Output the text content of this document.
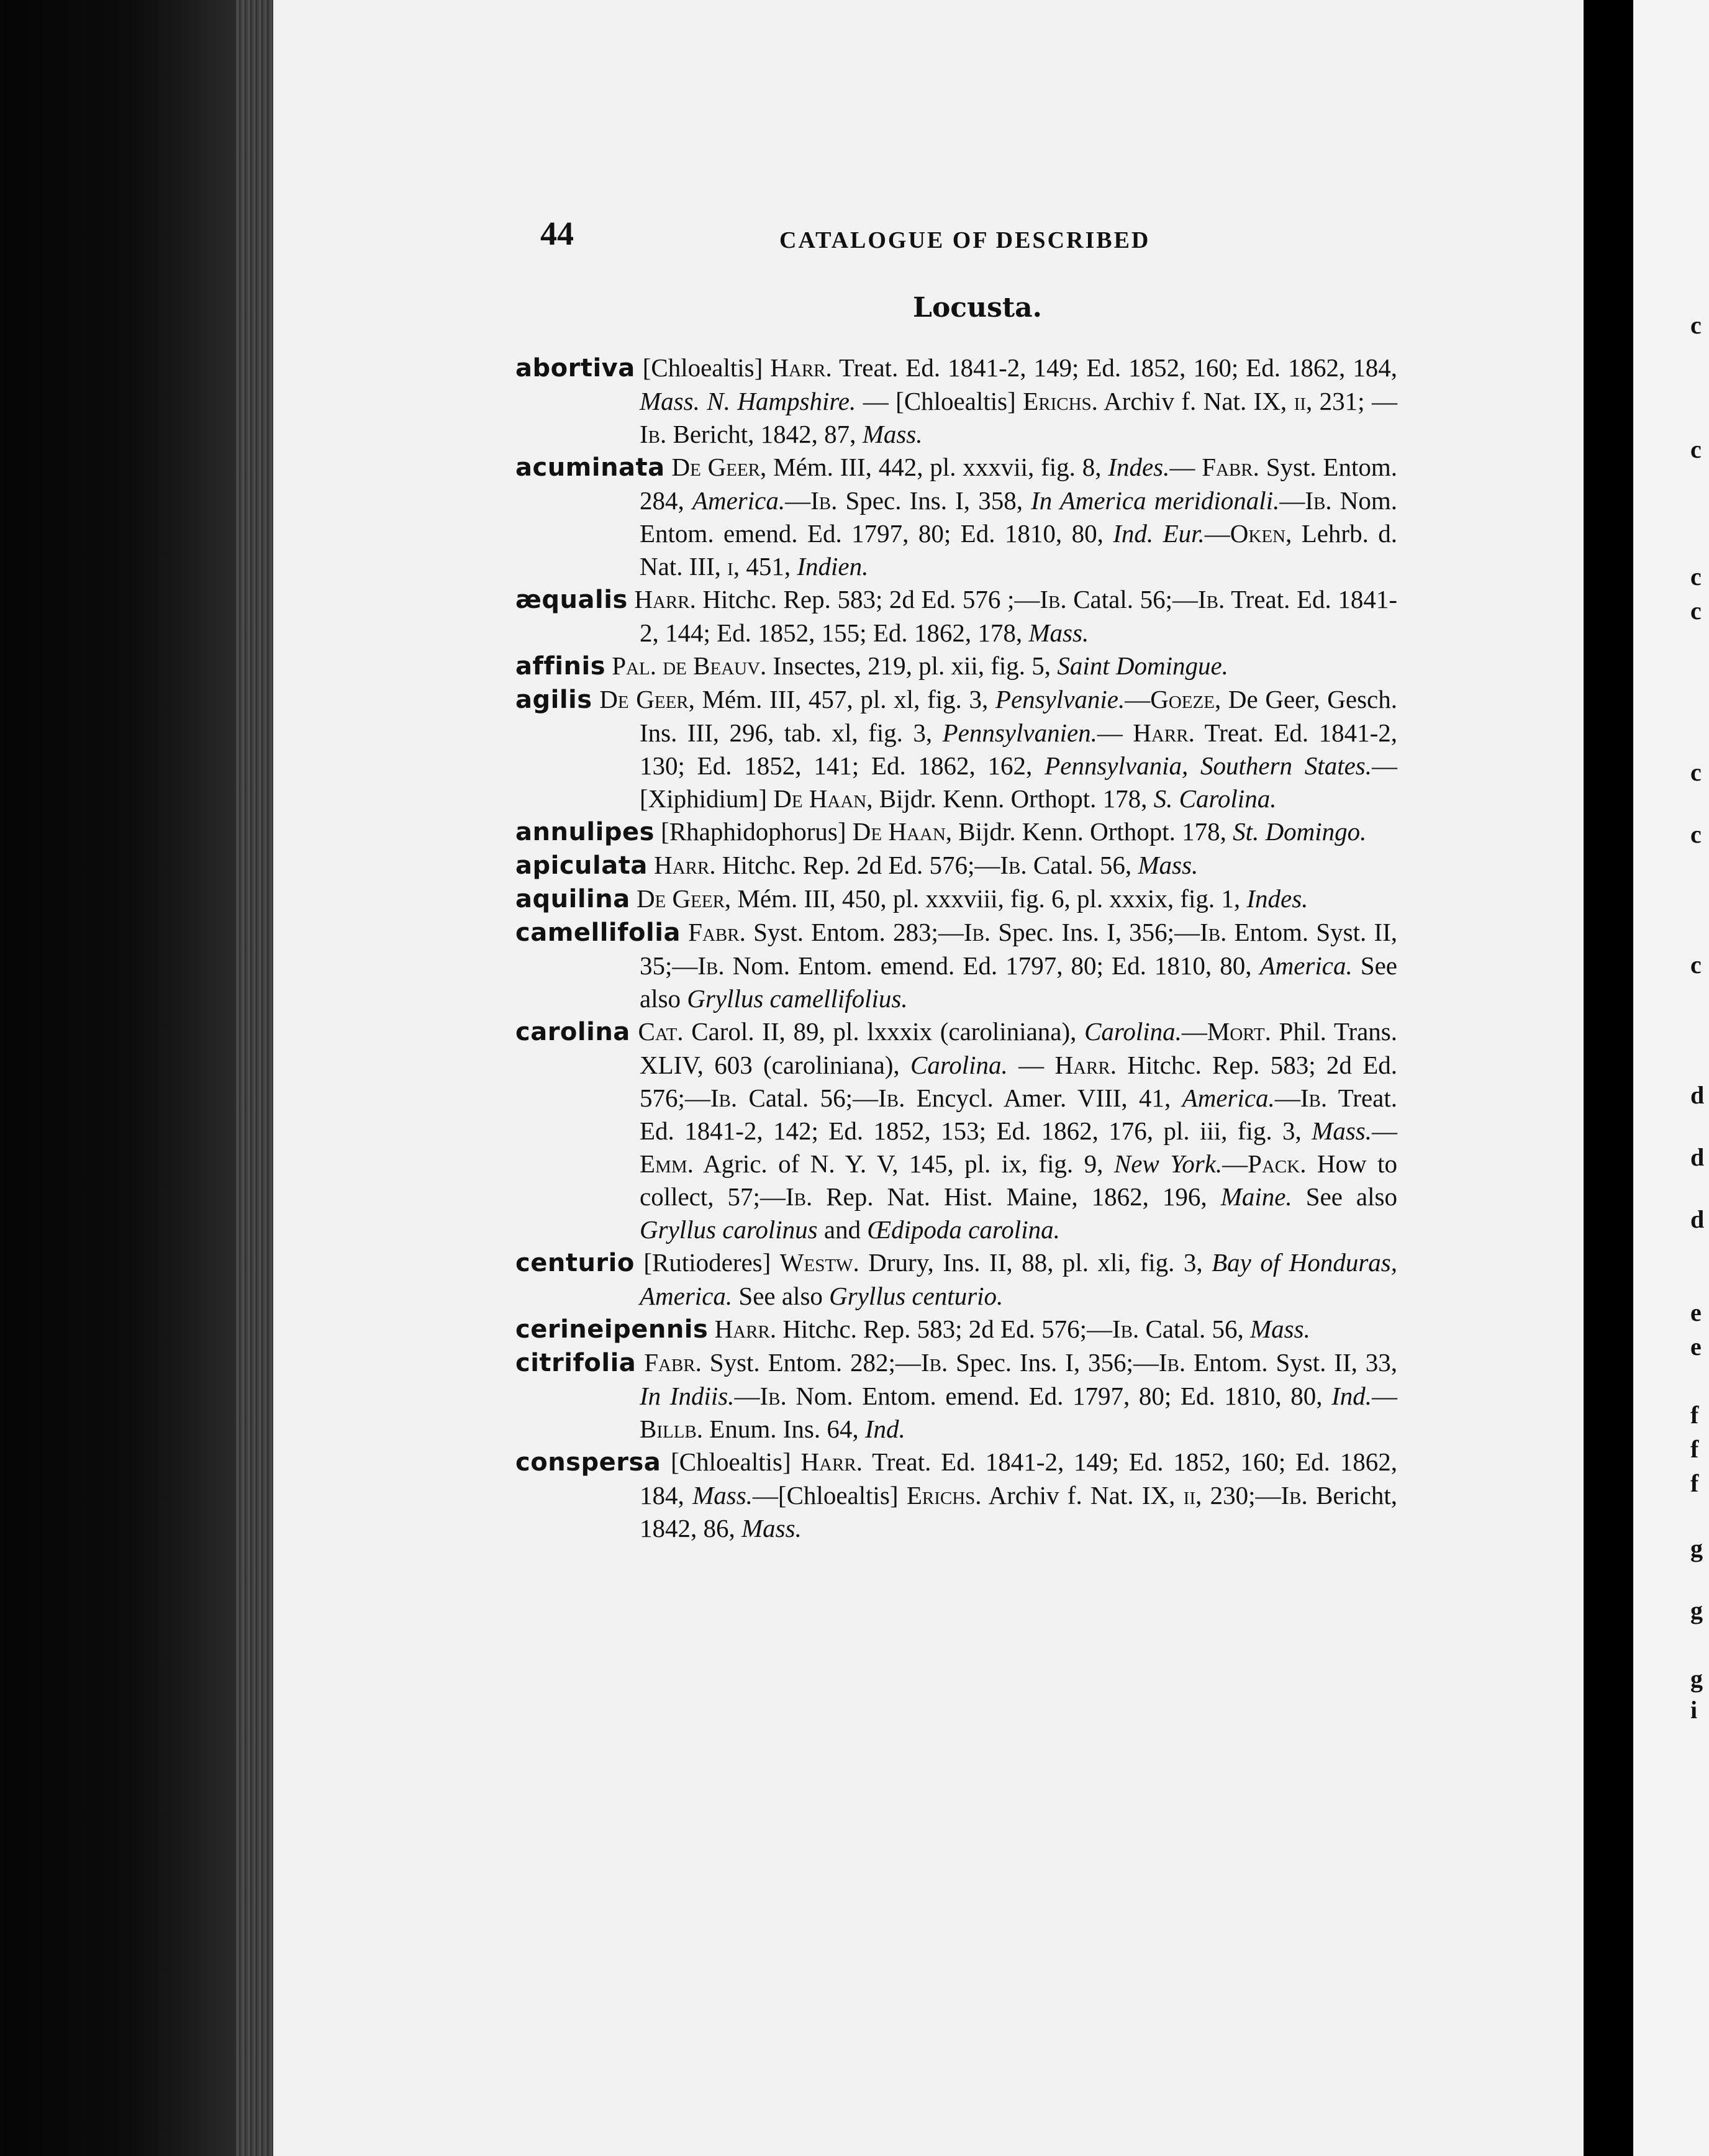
c
c
c
c
c
c
c
d
d
d
e
e
f
f
f
g
g
g
i
44	CATALOGUE OF DESCRIBED
Locusta.
abortiva [Chloealtis] Harr. Treat. Ed. 1841-2, 149; Ed. 1852, 160; Ed. 1862, 184, Mass. N. Hampshire. — [Chloealtis] Erichs. Archiv f. Nat. IX, ii, 231; — Ib. Bericht, 1842, 87, Mass.
acuminata De Geer, Mém. III, 442, pl. xxxvii, fig. 8, Indes.— Fabr. Syst. Entom. 284, America.—Ib. Spec. Ins. I, 358, In America meridionali.—Ib. Nom. Entom. emend. Ed. 1797, 80; Ed. 1810, 80, Ind. Eur.—Oken, Lehrb. d. Nat. III, i, 451, Indien.
æqualis Harr. Hitchc. Rep. 583; 2d Ed. 576 ;—Ib. Catal. 56;—Ib. Treat. Ed. 1841-2, 144; Ed. 1852, 155; Ed. 1862, 178, Mass.
affinis Pal. de Beauv. Insectes, 219, pl. xii, fig. 5, Saint Domingue.
agilis De Geer, Mém. III, 457, pl. xl, fig. 3, Pensylvanie.—Goeze, De Geer, Gesch. Ins. III, 296, tab. xl, fig. 3, Pennsylvanien.— Harr. Treat. Ed. 1841-2, 130; Ed. 1852, 141; Ed. 1862, 162, Pennsylvania, Southern States.—[Xiphidium] De Haan, Bijdr. Kenn. Orthopt. 178, S. Carolina.
annulipes [Rhaphidophorus] De Haan, Bijdr. Kenn. Orthopt. 178, St. Domingo.
apiculata Harr. Hitchc. Rep. 2d Ed. 576;—Ib. Catal. 56, Mass.
aquilina De Geer, Mém. III, 450, pl. xxxviii, fig. 6, pl. xxxix, fig. 1, Indes.
camellifolia Fabr. Syst. Entom. 283;—Ib. Spec. Ins. I, 356;—Ib. Entom. Syst. II, 35;—Ib. Nom. Entom. emend. Ed. 1797, 80; Ed. 1810, 80, America. See also Gryllus camellifolius.
carolina Cat. Carol. II, 89, pl. lxxxix (caroliniana), Carolina.—Mort. Phil. Trans. XLIV, 603 (caroliniana), Carolina. — Harr. Hitchc. Rep. 583; 2d Ed. 576;—Ib. Catal. 56;—Ib. Encycl. Amer. VIII, 41, America.—Ib. Treat. Ed. 1841-2, 142; Ed. 1852, 153; Ed. 1862, 176, pl. iii, fig. 3, Mass.—Emm. Agric. of N. Y. V, 145, pl. ix, fig. 9, New York.—Pack. How to collect, 57;—Ib. Rep. Nat. Hist. Maine, 1862, 196, Maine. See also Gryllus carolinus and Œdipoda carolina.
centurio [Rutioderes] Westw. Drury, Ins. II, 88, pl. xli, fig. 3, Bay of Honduras, America. See also Gryllus centurio.
cerineipennis Harr. Hitchc. Rep. 583; 2d Ed. 576;—Ib. Catal. 56, Mass.
citrifolia Fabr. Syst. Entom. 282;—Ib. Spec. Ins. I, 356;—Ib. Entom. Syst. II, 33, In Indiis.—Ib. Nom. Entom. emend. Ed. 1797, 80; Ed. 1810, 80, Ind.—Billb. Enum. Ins. 64, Ind.
conspersa [Chloealtis] Harr. Treat. Ed. 1841-2, 149; Ed. 1852, 160; Ed. 1862, 184, Mass.—[Chloealtis] Erichs. Archiv f. Nat. IX, ii, 230;—Ib. Bericht, 1842, 86, Mass.
